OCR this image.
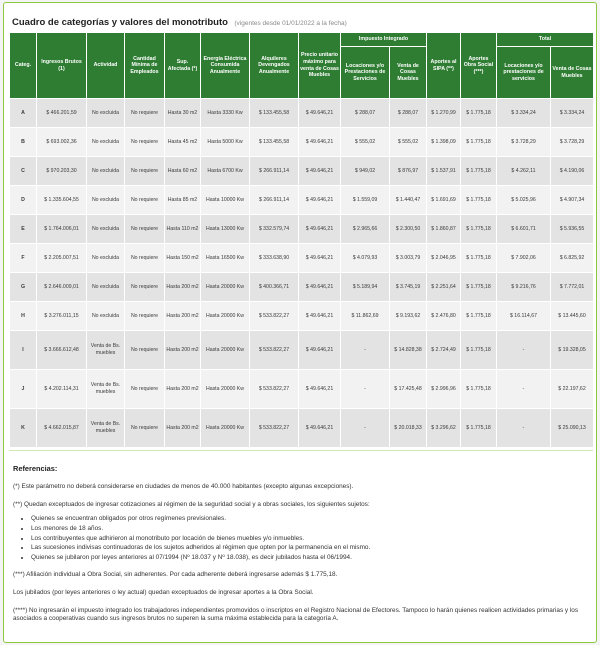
Cuadro de categorías y valores del monotributo (vigentes desde 01/01/2022 a la fecha)
Categ.	Ingresos Brutos (1)	Actividad	Cantidad Mínima de Empleados	Sup. Afectada (*)	Energía Eléctrica Consumida Anualmente	Alquileres Devengados Anualmente	Precio unitario máximo para venta de Cosas Muebles	Impuesto Integrado		Aportes al SIPA (**)	Aportes Obra Social (***)	Total	
								Locaciones y/o Prestaciones de Servicios	Venta de Cosas Muebles			Locaciones y/o prestaciones de servicios	Venta de Cosas Muebles
A	$ 466.201,59	No excluida	No requiere	Hasta 30 m2	Hasta 3330 Kw	$ 133.455,58	$ 49.646,21	$ 288,07	$ 288,07	$ 1.270,99	$ 1.775,18	$ 3.334,24	$ 3.334,24
B	$ 693.002,36	No excluida	No requiere	Hasta 45 m2	Hasta 5000 Kw	$ 133.455,58	$ 49.646,21	$ 555,02	$ 555,02	$ 1.398,09	$ 1.775,18	$ 3.728,29	$ 3.728,29
C	$ 970.203,30	No excluida	No requiere	Hasta 60 m2	Hasta 6700 Kw	$ 266.911,14	$ 49.646,21	$ 949,02	$ 876,97	$ 1.537,91	$ 1.775,18	$ 4.262,11	$ 4.190,06
D	$ 1.335.604,55	No excluida	No requiere	Hasta 85 m2	Hasta 10000 Kw	$ 266.911,14	$ 49.646,21	$ 1.559,09	$ 1.440,47	$ 1.691,69	$ 1.775,18	$ 5.025,96	$ 4.907,34
E	$ 1.764.006,01	No excluida	No requiere	Hasta 110 m2	Hasta 13000 Kw	$ 332.579,74	$ 49.646,21	$ 2.965,66	$ 2.300,50	$ 1.860,87	$ 1.775,18	$ 6.601,71	$ 5.936,55
F	$ 2.205.007,51	No excluida	No requiere	Hasta 150 m2	Hasta 16500 Kw	$ 333.638,90	$ 49.646,21	$ 4.079,93	$ 3.003,79	$ 2.046,95	$ 1.775,18	$ 7.902,06	$ 6.825,92
G	$ 2.646.009,01	No excluida	No requiere	Hasta 200 m2	Hasta 20000 Kw	$ 400.366,71	$ 49.646,21	$ 5.189,94	$ 3.745,19	$ 2.251,64	$ 1.775,18	$ 9.216,76	$ 7.772,01
H	$ 3.276.011,15	No excluida	No requiere	Hasta 200 m2	Hasta 20000 Kw	$ 533.822,27	$ 49.646,21	$ 11.862,69	$ 9.193,62	$ 2.476,80	$ 1.775,18	$ 16.114,67	$ 13.445,60
I	$ 3.666.612,48	Venta de Bs. muebles	No requiere	Hasta 200 m2	Hasta 20000 Kw	$ 533.822,27	$ 49.646,21	-	$ 14.828,38	$ 2.724,49	$ 1.775,18	-	$ 19.328,05
J	$ 4.202.114,31	Venta de Bs. muebles	No requiere	Hasta 200 m2	Hasta 20000 Kw	$ 533.822,27	$ 49.646,21	-	$ 17.425,48	$ 2.996,96	$ 1.775,18	-	$ 22.197,62
K	$ 4.662.015,87	Venta de Bs. muebles	No requiere	Hasta 200 m2	Hasta 20000 Kw	$ 533.822,27	$ 49.646,21	-	$ 20.018,33	$ 3.296,62	$ 1.775,18	-	$ 25.090,13
Referencias:

(*) Este parámetro no deberá considerarse en ciudades de menos de 40.000 habitantes (excepto algunas excepciones).

(**) Quedan exceptuados de ingresar cotizaciones al régimen de la seguridad social y a obras sociales, los siguientes sujetos:

• Quienes se encuentran obligados por otros regímenes previsionales.
• Los menores de 18 años.
• Los contribuyentes que adhirieron al monotributo por locación de bienes muebles y/o inmuebles.
• Las sucesiones indivisas continuadoras de los sujetos adheridos al régimen que opten por la permanencia en el mismo.
• Quienes se jubilaron por leyes anteriores al 07/1994 (Nº 18.037 y Nº 18.038), es decir jubilados hasta el 06/1994.

(***) Afiliación individual a Obra Social, sin adherentes. Por cada adherente deberá ingresarse además $ 1.775,18.

Los jubilados (por leyes anteriores o ley actual) quedan exceptuados de ingresar aportes a la Obra Social.

(****) No ingresarán el impuesto integrado los trabajadores independientes promovidos o inscriptos en el Registro Nacional de Efectores. Tampoco lo harán quienes realicen actividades primarias y los asociados a cooperativas cuando sus ingresos brutos no superen la suma máxima establecida para la categoría A.
